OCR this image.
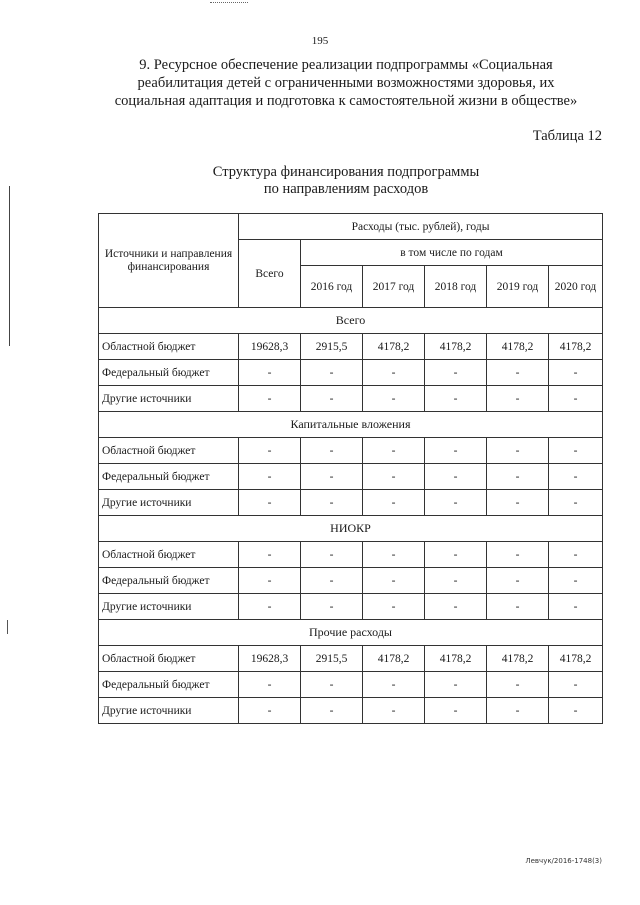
195
9. Ресурсное обеспечение реализации подпрограммы «Социальная
реабилитация детей с ограниченными возможностями здоровья, их
социальная адаптация и подготовка к самостоятельной жизни в обществе»
Таблица 12
Структура финансирования подпрограммы
по направлениям расходов
Источники и направления финансирования	Расходы (тыс. рублей), годы					
	Всего	в том числе по годам				
		2016 год	2017 год	2018 год	2019 год	2020 год
Всего						
Областной бюджет	19628,3	2915,5	4178,2	4178,2	4178,2	4178,2
Федеральный бюджет	-	-	-	-	-	-
Другие источники	-	-	-	-	-	-
Капитальные вложения						
Областной бюджет	-	-	-	-	-	-
Федеральный бюджет	-	-	-	-	-	-
Другие источники	-	-	-	-	-	-
НИОКР						
Областной бюджет	-	-	-	-	-	-
Федеральный бюджет	-	-	-	-	-	-
Другие источники	-	-	-	-	-	-
Прочие расходы						
Областной бюджет	19628,3	2915,5	4178,2	4178,2	4178,2	4178,2
Федеральный бюджет	-	-	-	-	-	-
Другие источники	-	-	-	-	-	-
Левчук/2016-1748(3)
